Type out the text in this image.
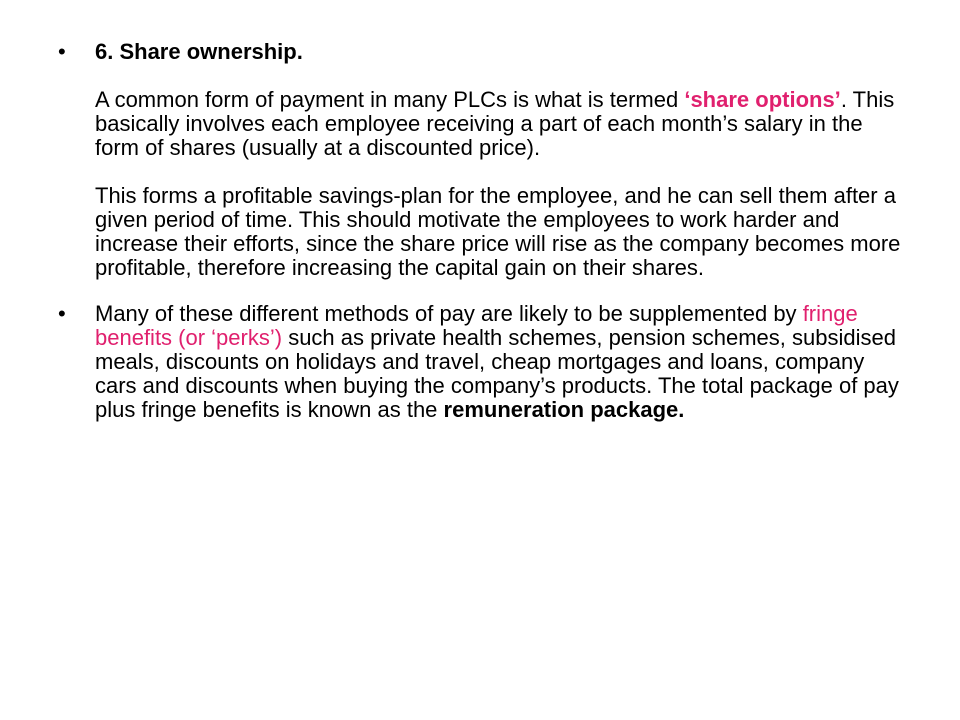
•	6. Share ownership.

A common form of payment in many PLCs is what is termed ‘share options’. This basically involves each employee receiving a part of each month’s salary in the form of shares (usually at a discounted price).

This forms a profitable savings-plan for the employee, and he can sell them after a given period of time. This should motivate the employees to work harder and increase their efforts, since the share price will rise as the company becomes more profitable, therefore increasing the capital gain on their shares.

•	Many of these different methods of pay are likely to be supplemented by fringe benefits (or ‘perks’) such as private health schemes, pension schemes, subsidised meals, discounts on holidays and travel, cheap mortgages and loans, company cars and discounts when buying the company’s products. The total package of pay plus fringe benefits is known as the remuneration package.
